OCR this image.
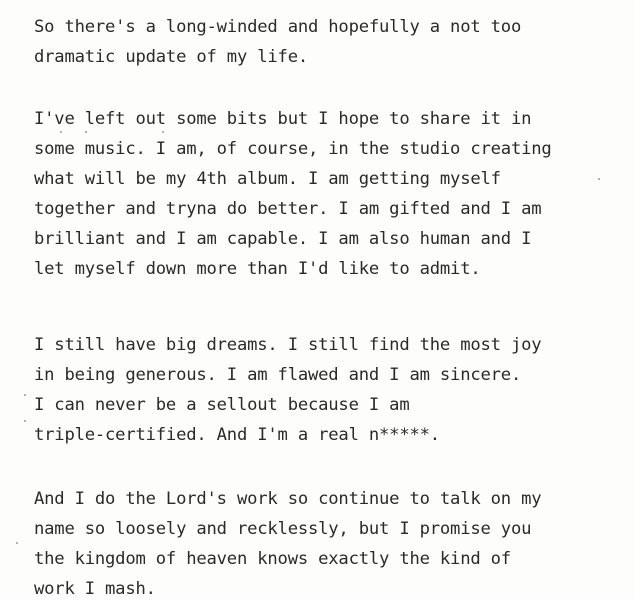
So there's a long-winded and hopefully a not too
dramatic update of my life.

I've left out some bits but I hope to share it in
some music. I am, of course, in the studio creating
what will be my 4th album. I am getting myself
together and tryna do better. I am gifted and I am
brilliant and I am capable. I am also human and I
let myself down more than I'd like to admit.

I still have big dreams. I still find the most joy
in being generous. I am flawed and I am sincere.
I can never be a sellout because I am
triple-certified. And I'm a real n*****.

And I do the Lord's work so continue to talk on my
name so loosely and recklessly, but I promise you
the kingdom of heaven knows exactly the kind of
work I mash.
